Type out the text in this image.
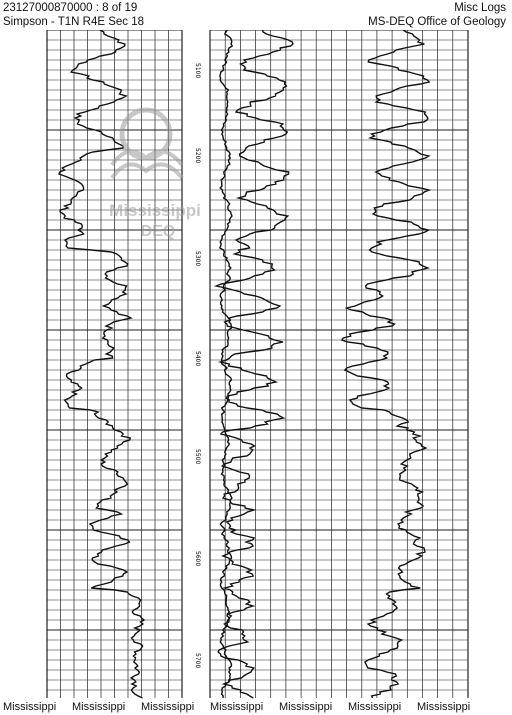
23127000870000 : 8 of 19
Simpson - T1N R4E Sec 18
Misc Logs
MS-DEQ Office of Geology
5100
5200
5300
5400
5500
5600
5700
Mississippi
DEQ
Mississippi Mississippi Mississippi Mississippi Mississippi Mississippi Mississippi
